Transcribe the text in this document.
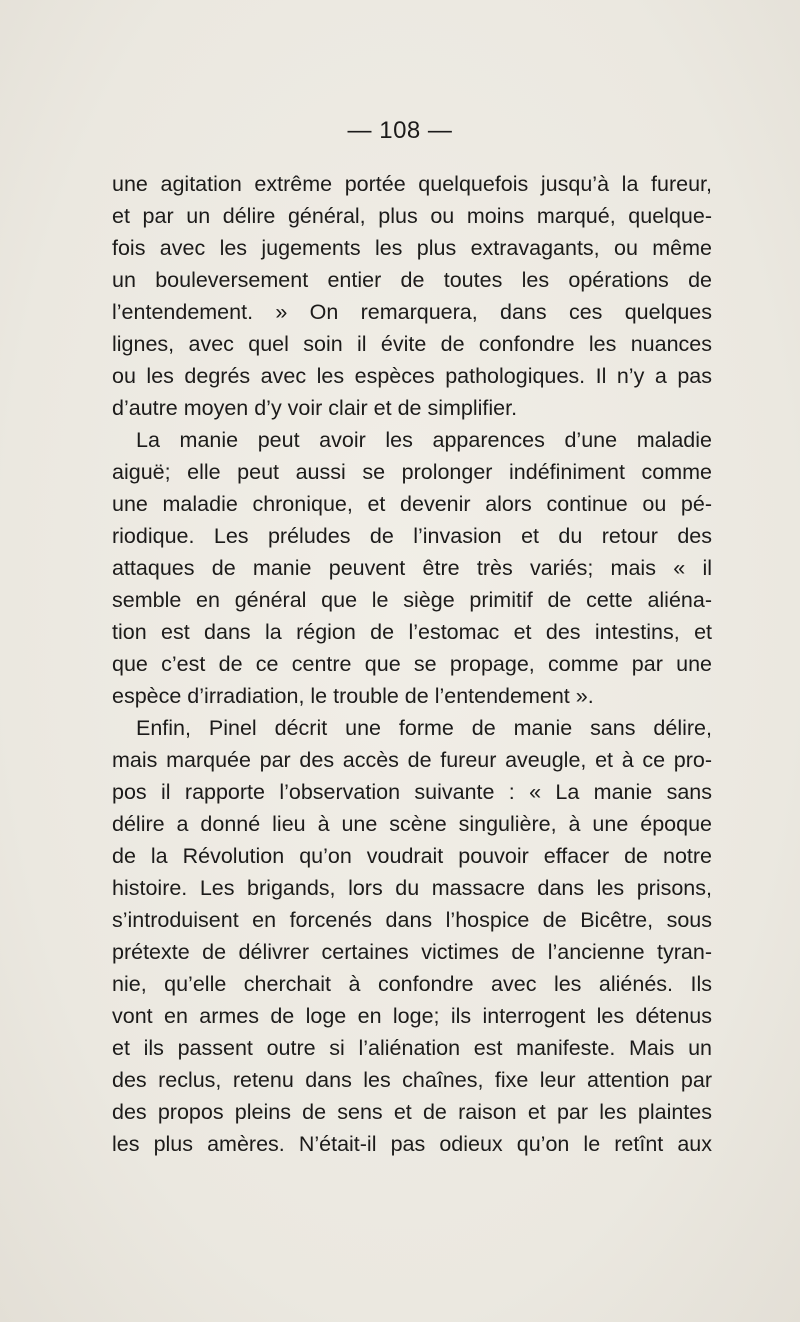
— 108 —
une agitation extrême portée quelquefois jusqu’à la fureur,
et par un délire général, plus ou moins marqué, quelque-
fois avec les jugements les plus extravagants, ou même
un bouleversement entier de toutes les opérations de
l’entendement. » On remarquera, dans ces quelques
lignes, avec quel soin il évite de confondre les nuances
ou les degrés avec les espèces pathologiques. Il n’y a pas
d’autre moyen d’y voir clair et de simplifier.
La manie peut avoir les apparences d’une maladie
aiguë; elle peut aussi se prolonger indéfiniment comme
une maladie chronique, et devenir alors continue ou pé-
riodique. Les préludes de l’invasion et du retour des
attaques de manie peuvent être très variés; mais « il
semble en général que le siège primitif de cette aliéna-
tion est dans la région de l’estomac et des intestins, et
que c’est de ce centre que se propage, comme par une
espèce d’irradiation, le trouble de l’entendement ».
Enfin, Pinel décrit une forme de manie sans délire,
mais marquée par des accès de fureur aveugle, et à ce pro-
pos il rapporte l’observation suivante : « La manie sans
délire a donné lieu à une scène singulière, à une époque
de la Révolution qu’on voudrait pouvoir effacer de notre
histoire. Les brigands, lors du massacre dans les prisons,
s’introduisent en forcenés dans l’hospice de Bicêtre, sous
prétexte de délivrer certaines victimes de l’ancienne tyran-
nie, qu’elle cherchait à confondre avec les aliénés. Ils
vont en armes de loge en loge; ils interrogent les détenus
et ils passent outre si l’aliénation est manifeste. Mais un
des reclus, retenu dans les chaînes, fixe leur attention par
des propos pleins de sens et de raison et par les plaintes
les plus amères. N’était-il pas odieux qu’on le retînt aux
